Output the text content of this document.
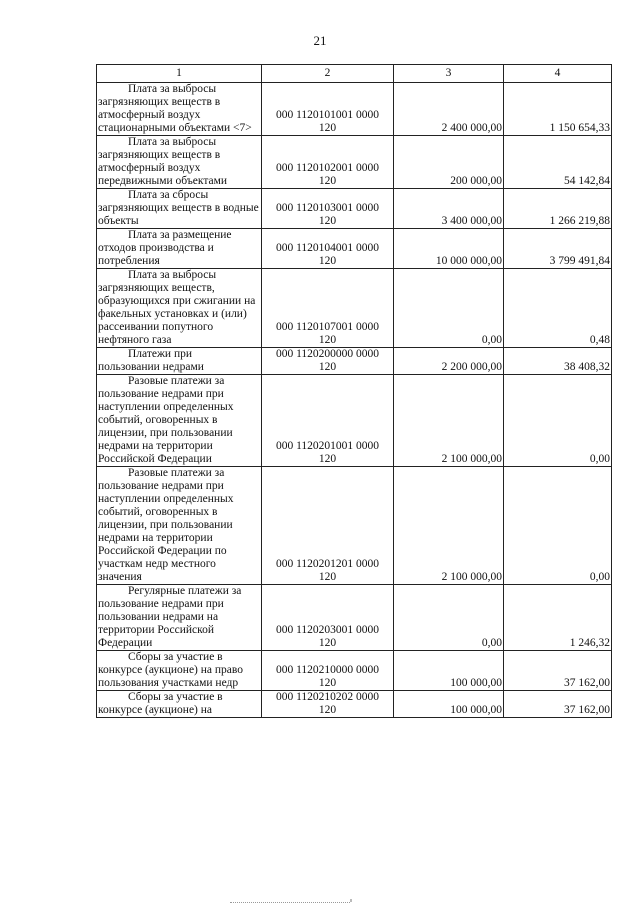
21
1	2	3	4

Плата за выбросы
загрязняющих веществ в атмосферный воздух стационарными объектами <7>	000 1120101001 0000
120	2 400 000,00	1 150 654,33

Плата за выбросы
загрязняющих веществ в атмосферный воздух передвижными объектами	000 1120102001 0000
120	200 000,00	54 142,84

Плата за сбросы
загрязняющих веществ в водные объекты	000 1120103001 0000
120	3 400 000,00	1 266 219,88

Плата за размещение
отходов производства и потребления	000 1120104001 0000
120	10 000 000,00	3 799 491,84

Плата за выбросы
загрязняющих веществ, образующихся при сжигании на факельных установках и (или) рассеивании попутного нефтяного газа	000 1120107001 0000
120	0,00	0,48

Платежи при
пользовании недрами	000 1120200000 0000
120	2 200 000,00	38 408,32

Разовые платежи за
пользование недрами при наступлении определенных событий, оговоренных в лицензии, при пользовании недрами на территории Российской Федерации	000 1120201001 0000
120	2 100 000,00	0,00

Разовые платежи за
пользование недрами при наступлении определенных событий, оговоренных в лицензии, при пользовании недрами на территории Российской Федерации по участкам недр местного значения	000 1120201201 0000
120	2 100 000,00	0,00

Регулярные платежи за
пользование недрами при пользовании недрами на территории Российской Федерации	000 1120203001 0000
120	0,00	1 246,32

Сборы за участие в
конкурсе (аукционе) на право пользования участками недр	000 1120210000 0000
120	100 000,00	37 162,00

Сборы за участие в
конкурсе (аукционе) на	000 1120210202 0000
120	100 000,00	37 162,00
